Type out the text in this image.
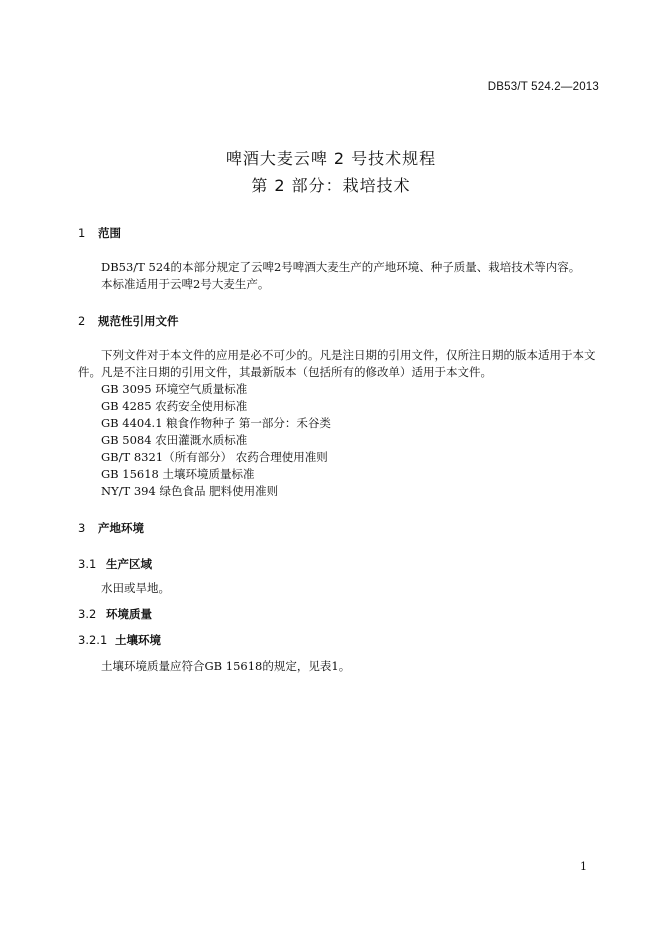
DB53/T 524.2—2013
啤酒大麦云啤 2 号技术规程
第 2 部分：栽培技术
1 范围
DB53/T 524的本部分规定了云啤2号啤酒大麦生产的产地环境、种子质量、栽培技术等内容。
本标准适用于云啤2号大麦生产。
2 规范性引用文件
下列文件对于本文件的应用是必不可少的。凡是注日期的引用文件，仅所注日期的版本适用于本文
件。凡是不注日期的引用文件，其最新版本（包括所有的修改单）适用于本文件。
GB 3095 环境空气质量标准
GB 4285 农药安全使用标准
GB 4404.1 粮食作物种子 第一部分：禾谷类
GB 5084 农田灌溉水质标准
GB/T 8321（所有部分） 农药合理使用准则
GB 15618 土壤环境质量标准
NY/T 394 绿色食品 肥料使用准则
3 产地环境
3.1 生产区域
水田或旱地。
3.2 环境质量
3.2.1 土壤环境
土壤环境质量应符合GB 15618的规定，见表1。
1
